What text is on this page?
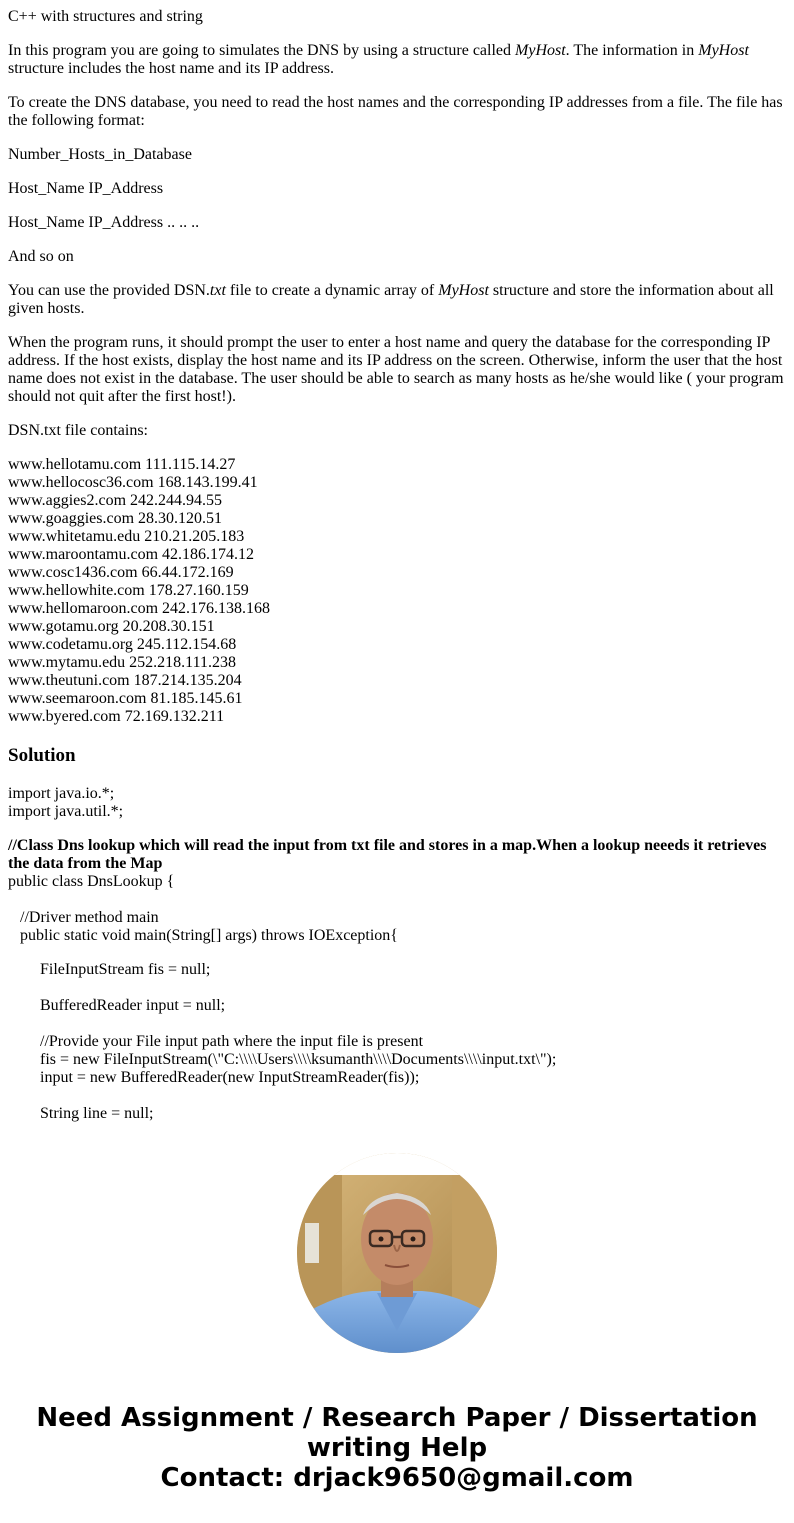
C++ with structures and string
In this program you are going to simulates the DNS by using a structure called MyHost. The information in MyHost
structure includes the host name and its IP address.
To create the DNS database, you need to read the host names and the corresponding IP addresses from a file. The file has the following format:
Number_Hosts_in_Database
Host_Name IP_Address
Host_Name IP_Address .. .. ..
And so on
You can use the provided DSN.txt file to create a dynamic array of MyHost structure and store the information about all given hosts.
When the program runs, it should prompt the user to enter a host name and query the database for the corresponding IP address. If the host exists, display the host name and its IP address on the screen. Otherwise, inform the user that the host name does not exist in the database. The user should be able to search as many hosts as he/she would like ( your program should not quit after the first host!).
DSN.txt file contains:
www.hellotamu.com 111.115.14.27
www.hellocosc36.com 168.143.199.41
www.aggies2.com 242.244.94.55
www.goaggies.com 28.30.120.51
www.whitetamu.edu 210.21.205.183
www.maroontamu.com 42.186.174.12
www.cosc1436.com 66.44.172.169
www.hellowhite.com 178.27.160.159
www.hellomaroon.com 242.176.138.168
www.gotamu.org 20.208.30.151
www.codetamu.org 245.112.154.68
www.mytamu.edu 252.218.111.238
www.theutuni.com 187.214.135.204
www.seemaroon.com 81.185.145.61
www.byered.com 72.169.132.211
Solution
import java.io.*;
import java.util.*;
//Class Dns lookup which will read the input from txt file and stores in a map.When a lookup neeeds it retrieves the data from the Map
public class DnsLookup {
//Driver method main
public static void main(String[] args) throws IOException{
FileInputStream fis = null;
BufferedReader input = null;
//Provide your File input path where the input file is present
fis = new FileInputStream(\"C:\\\\Users\\\\ksumanth\\\\Documents\\\\input.txt\");
input = new BufferedReader(new InputStreamReader(fis));
String line = null;
Need Assignment / Research Paper / Dissertation
writing Help
Contact: drjack9650@gmail.com
